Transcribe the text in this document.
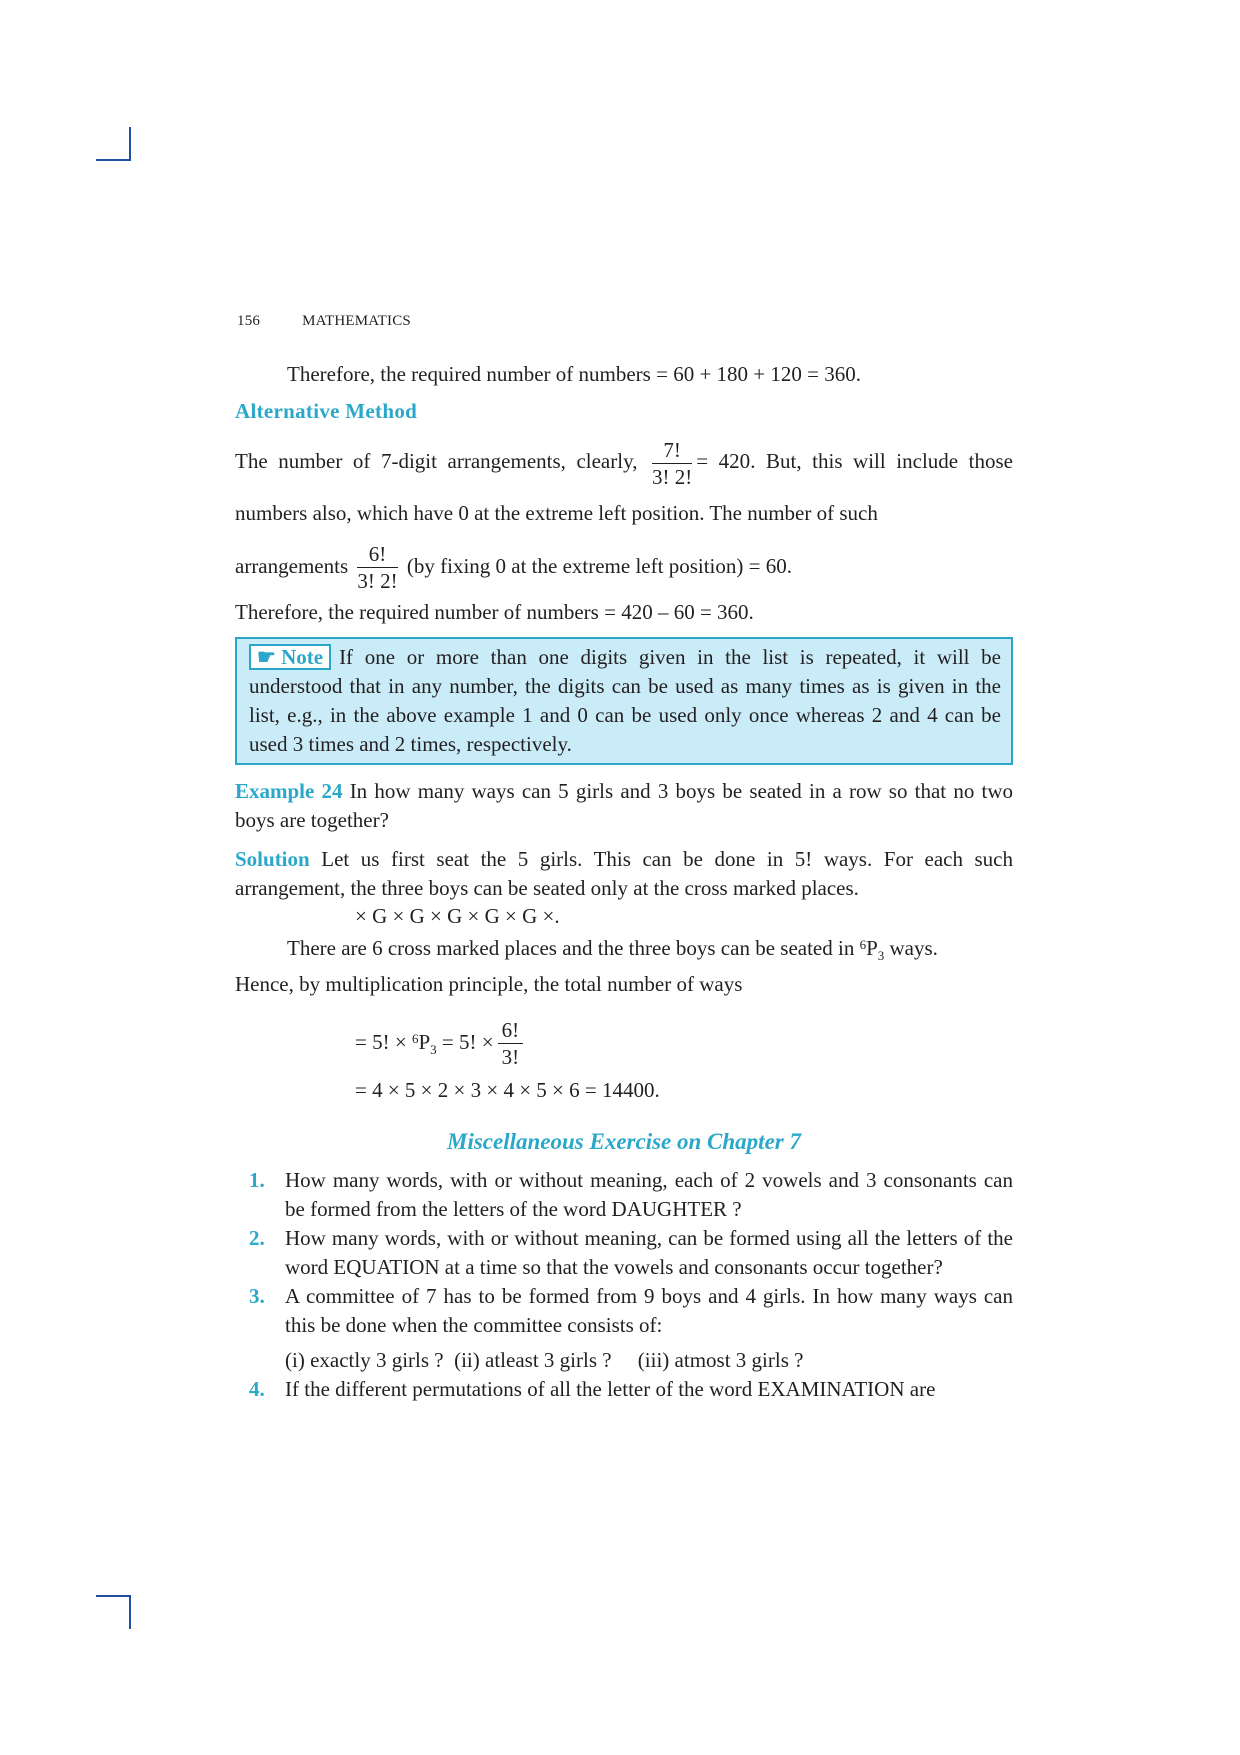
156	MATHEMATICS

Therefore, the required number of numbers = 60 + 180 + 120 = 360.

Alternative Method

The number of 7-digit arrangements, clearly, $\frac{7!}{3! 2!} = 420$. But, this will include those numbers also, which have 0 at the extreme left position. The number of such

arrangements $\frac{6!}{3! 2!} (by$ fixing 0 at the extreme left position) = 60.

Therefore, the required number of numbers = 420 – 60 = 360.

☛ Note If one or more than one digits given in the list is repeated, it will be understood that in any number, the digits can be used as many times as is given in the list, e.g., in the above example 1 and 0 can be used only once whereas 2 and 4 can be used 3 times and 2 times, respectively.

Example 24 In how many ways can 5 girls and 3 boys be seated in a row so that no two boys are together?

Solution Let us first seat the 5 girls. This can be done in 5! ways. For each such arrangement, the three boys can be seated only at the cross marked places.

× G × G × G × G × G ×.

There are 6 cross marked places and the three boys can be seated in $^6P_3$ ways.

Hence, by multiplication principle, the total number of ways

= 5! × $^6P_3 = 5$! × $\frac{6!}{3!}$

= 4 × 5 × 2 × 3 × 4 × 5 × 6 = 14400.

Miscellaneous Exercise on Chapter 7

1. How many words, with or without meaning, each of 2 vowels and 3 consonants can be formed from the letters of the word DAUGHTER ?
2. How many words, with or without meaning, can be formed using all the letters of the word EQUATION at a time so that the vowels and consonants occur together?
3. A committee of 7 has to be formed from 9 boys and 4 girls. In how many ways can this be done when the committee consists of:
(i) exactly 3 girls ?  (ii) atleast 3 girls ?     (iii) atmost 3 girls ?
4. If the different permutations of all the letter of the word EXAMINATION are
